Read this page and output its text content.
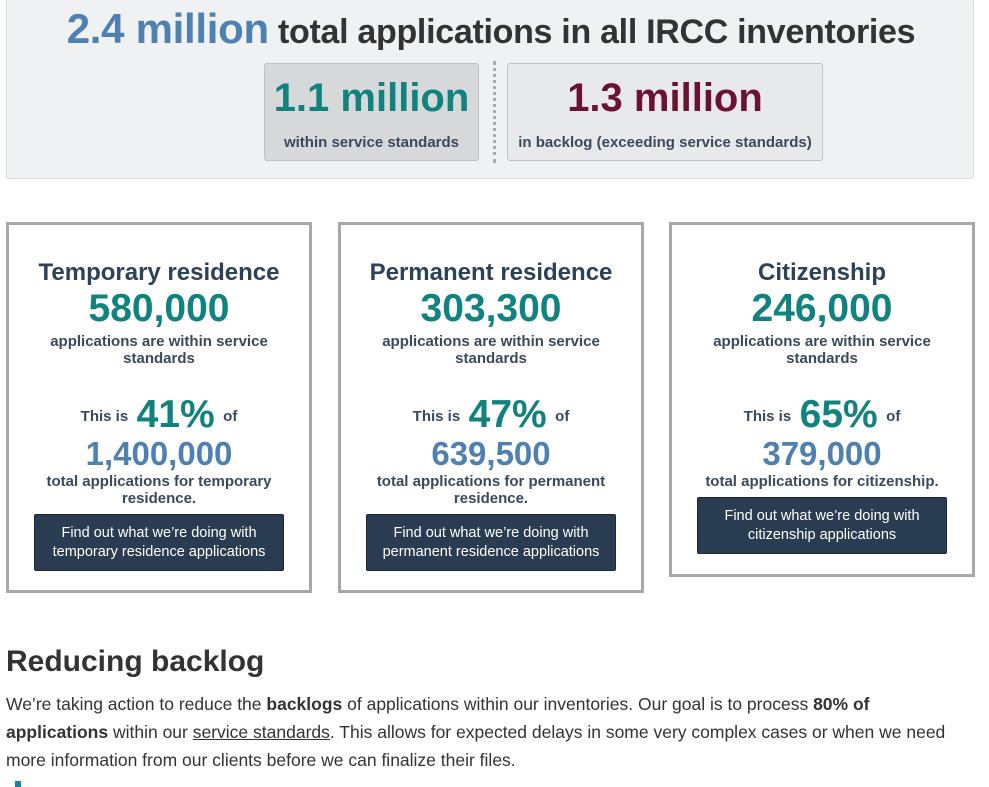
2.4 million total applications in all IRCC inventories
1.1 million
within service standards
1.3 million
in backlog (exceeding service standards)
Temporary residence
580,000
applications are within service standards
This is 41% of
1,400,000
total applications for temporary residence.
Find out what we’re doing with temporary residence applications
Permanent residence
303,300
applications are within service standards
This is 47% of
639,500
total applications for permanent residence.
Find out what we’re doing with permanent residence applications
Citizenship
246,000
applications are within service standards
This is 65% of
379,000
total applications for citizenship.
Find out what we’re doing with citizenship applications
Reducing backlog

We’re taking action to reduce the backlogs of applications within our inventories. Our goal is to process 80% of applications within our service standards. This allows for expected delays in some very complex cases or when we need more information from our clients before we can finalize their files.
